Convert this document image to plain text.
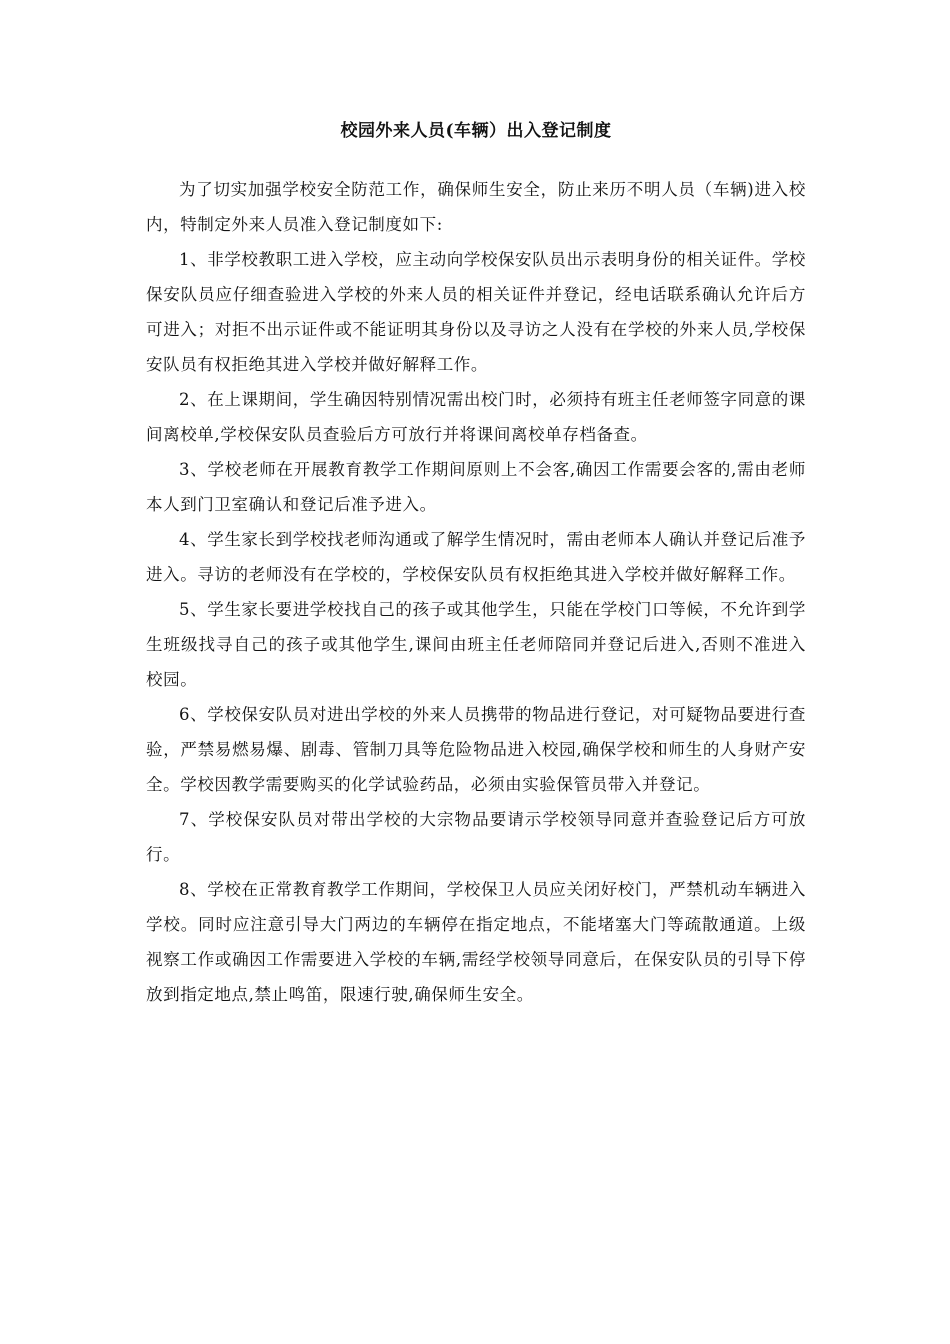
校园外来人员(车辆）出入登记制度

为了切实加强学校安全防范工作，确保师生安全，防止来历不明人员（车辆)进入校内，特制定外来人员准入登记制度如下:

1、非学校教职工进入学校，应主动向学校保安队员出示表明身份的相关证件。学校保安队员应仔细查验进入学校的外来人员的相关证件并登记，经电话联系确认允许后方可进入；对拒不出示证件或不能证明其身份以及寻访之人没有在学校的外来人员,学校保安队员有权拒绝其进入学校并做好解释工作。

2、在上课期间，学生确因特别情况需出校门时，必须持有班主任老师签字同意的课间离校单,学校保安队员查验后方可放行并将课间离校单存档备查。

3、学校老师在开展教育教学工作期间原则上不会客,确因工作需要会客的,需由老师本人到门卫室确认和登记后准予进入。

4、学生家长到学校找老师沟通或了解学生情况时，需由老师本人确认并登记后准予进入。寻访的老师没有在学校的，学校保安队员有权拒绝其进入学校并做好解释工作。

5、学生家长要进学校找自己的孩子或其他学生，只能在学校门口等候，不允许到学生班级找寻自己的孩子或其他学生,课间由班主任老师陪同并登记后进入,否则不准进入校园。

6、学校保安队员对进出学校的外来人员携带的物品进行登记，对可疑物品要进行查验，严禁易燃易爆、剧毒、管制刀具等危险物品进入校园,确保学校和师生的人身财产安全。学校因教学需要购买的化学试验药品，必须由实验保管员带入并登记。

7、学校保安队员对带出学校的大宗物品要请示学校领导同意并查验登记后方可放行。

8、学校在正常教育教学工作期间，学校保卫人员应关闭好校门，严禁机动车辆进入学校。同时应注意引导大门两边的车辆停在指定地点，不能堵塞大门等疏散通道。上级视察工作或确因工作需要进入学校的车辆,需经学校领导同意后，在保安队员的引导下停放到指定地点,禁止鸣笛，限速行驶,确保师生安全。
